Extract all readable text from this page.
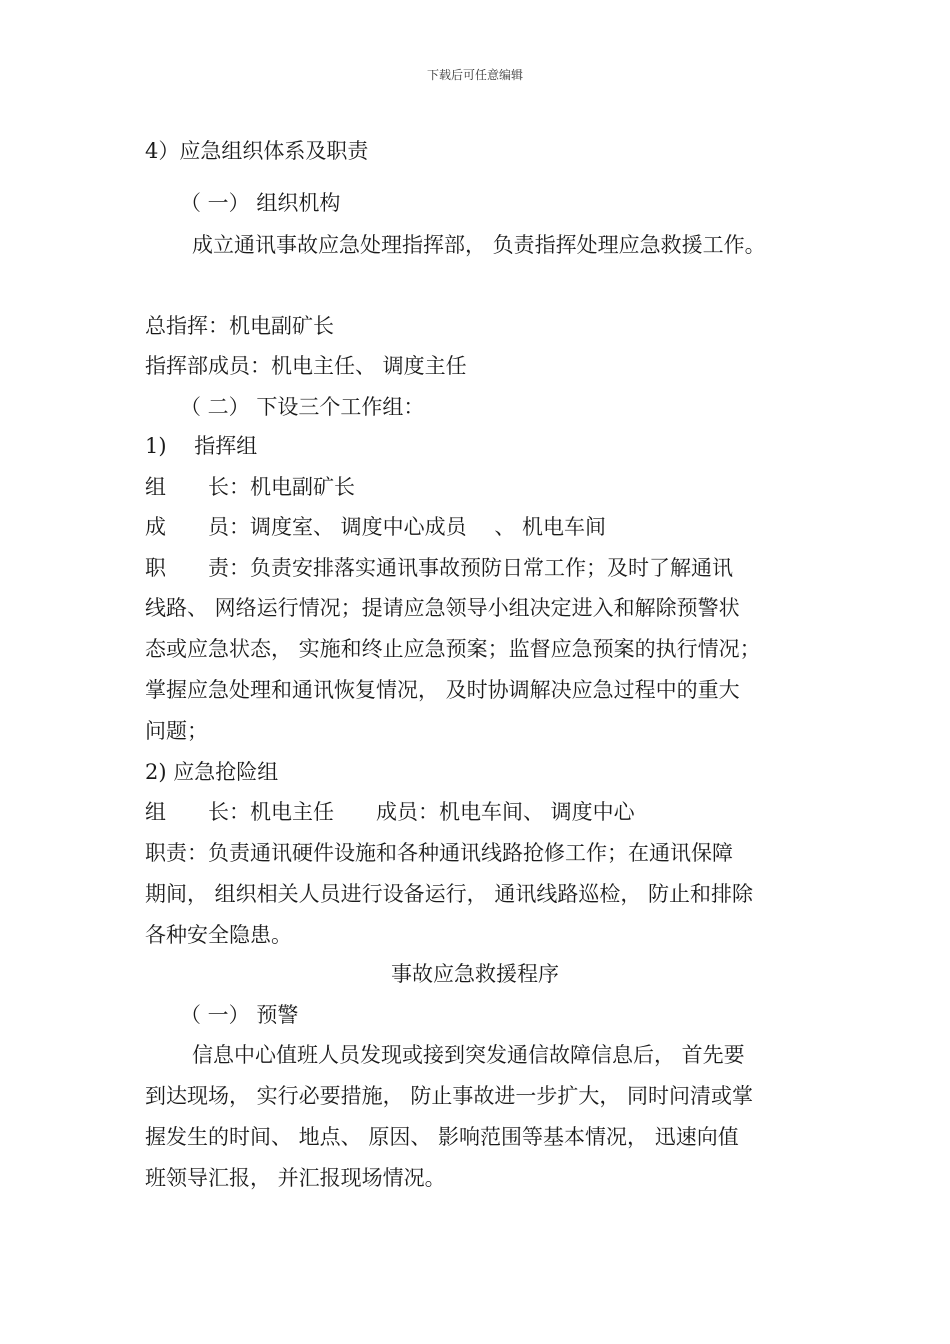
下载后可任意编辑
4）应急组织体系及职责
（ 一） 组织机构
成立通讯事故应急处理指挥部， 负责指挥处理应急救援工作。
总指挥：机电副矿长
指挥部成员：机电主任、 调度主任
（ 二） 下设三个工作组：
1)　 指挥组
组　　长：机电副矿长
成　　员：调度室、 调度中心成员　 、 机电车间
职　　责：负责安排落实通讯事故预防日常工作；及时了解通讯
线路、 网络运行情况；提请应急领导小组决定进入和解除预警状
态或应急状态， 实施和终止应急预案；监督应急预案的执行情况；
掌握应急处理和通讯恢复情况， 及时协调解决应急过程中的重大
问题；
2) 应急抢险组
组　　长：机电主任　　成员：机电车间、 调度中心
职责：负责通讯硬件设施和各种通讯线路抢修工作；在通讯保障
期间， 组织相关人员进行设备运行， 通讯线路巡检， 防止和排除
各种安全隐患。
事故应急救援程序
（ 一） 预警
信息中心值班人员发现或接到突发通信故障信息后， 首先要
到达现场， 实行必要措施， 防止事故进一步扩大， 同时问清或掌
握发生的时间、 地点、 原因、 影响范围等基本情况， 迅速向值
班领导汇报， 并汇报现场情况。
